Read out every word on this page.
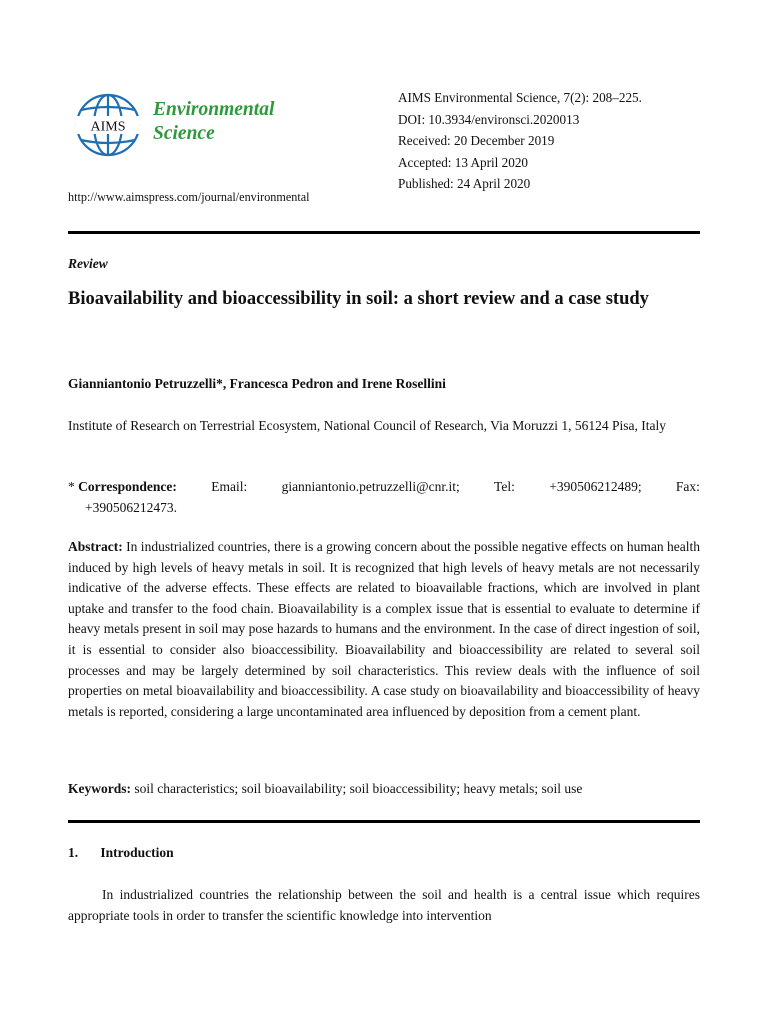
AIMS
Environmental
Science
AIMS Environmental Science, 7(2): 208–225.
DOI: 10.3934/environsci.2020013
Received: 20 December 2019
Accepted: 13 April 2020
Published: 24 April 2020
http://www.aimspress.com/journal/environmental
Review
Bioavailability and bioaccessibility in soil: a short review and a case study
Gianniantonio Petruzzelli*, Francesca Pedron and Irene Rosellini
Institute of Research on Terrestrial Ecosystem, National Council of Research, Via Moruzzi 1, 56124 Pisa, Italy
* Correspondence:	Email:	gianniantonio.petruzzelli@cnr.it;	Tel:	+390506212489;	Fax:
+390506212473.
Abstract: In industrialized countries, there is a growing concern about the possible negative effects on human health induced by high levels of heavy metals in soil. It is recognized that high levels of heavy metals are not necessarily indicative of the adverse effects. These effects are related to bioavailable fractions, which are involved in plant uptake and transfer to the food chain. Bioavailability is a complex issue that is essential to evaluate to determine if heavy metals present in soil may pose hazards to humans and the environment. In the case of direct ingestion of soil, it is essential to consider also bioaccessibility. Bioavailability and bioaccessibility are related to several soil processes and may be largely determined by soil characteristics. This review deals with the influence of soil properties on metal bioavailability and bioaccessibility. A case study on bioavailability and bioaccessibility of heavy metals is reported, considering a large uncontaminated area influenced by deposition from a cement plant.
Keywords: soil characteristics; soil bioavailability; soil bioaccessibility; heavy metals; soil use
1. Introduction
In industrialized countries the relationship between the soil and health is a central issue which requires appropriate tools in order to transfer the scientific knowledge into intervention
